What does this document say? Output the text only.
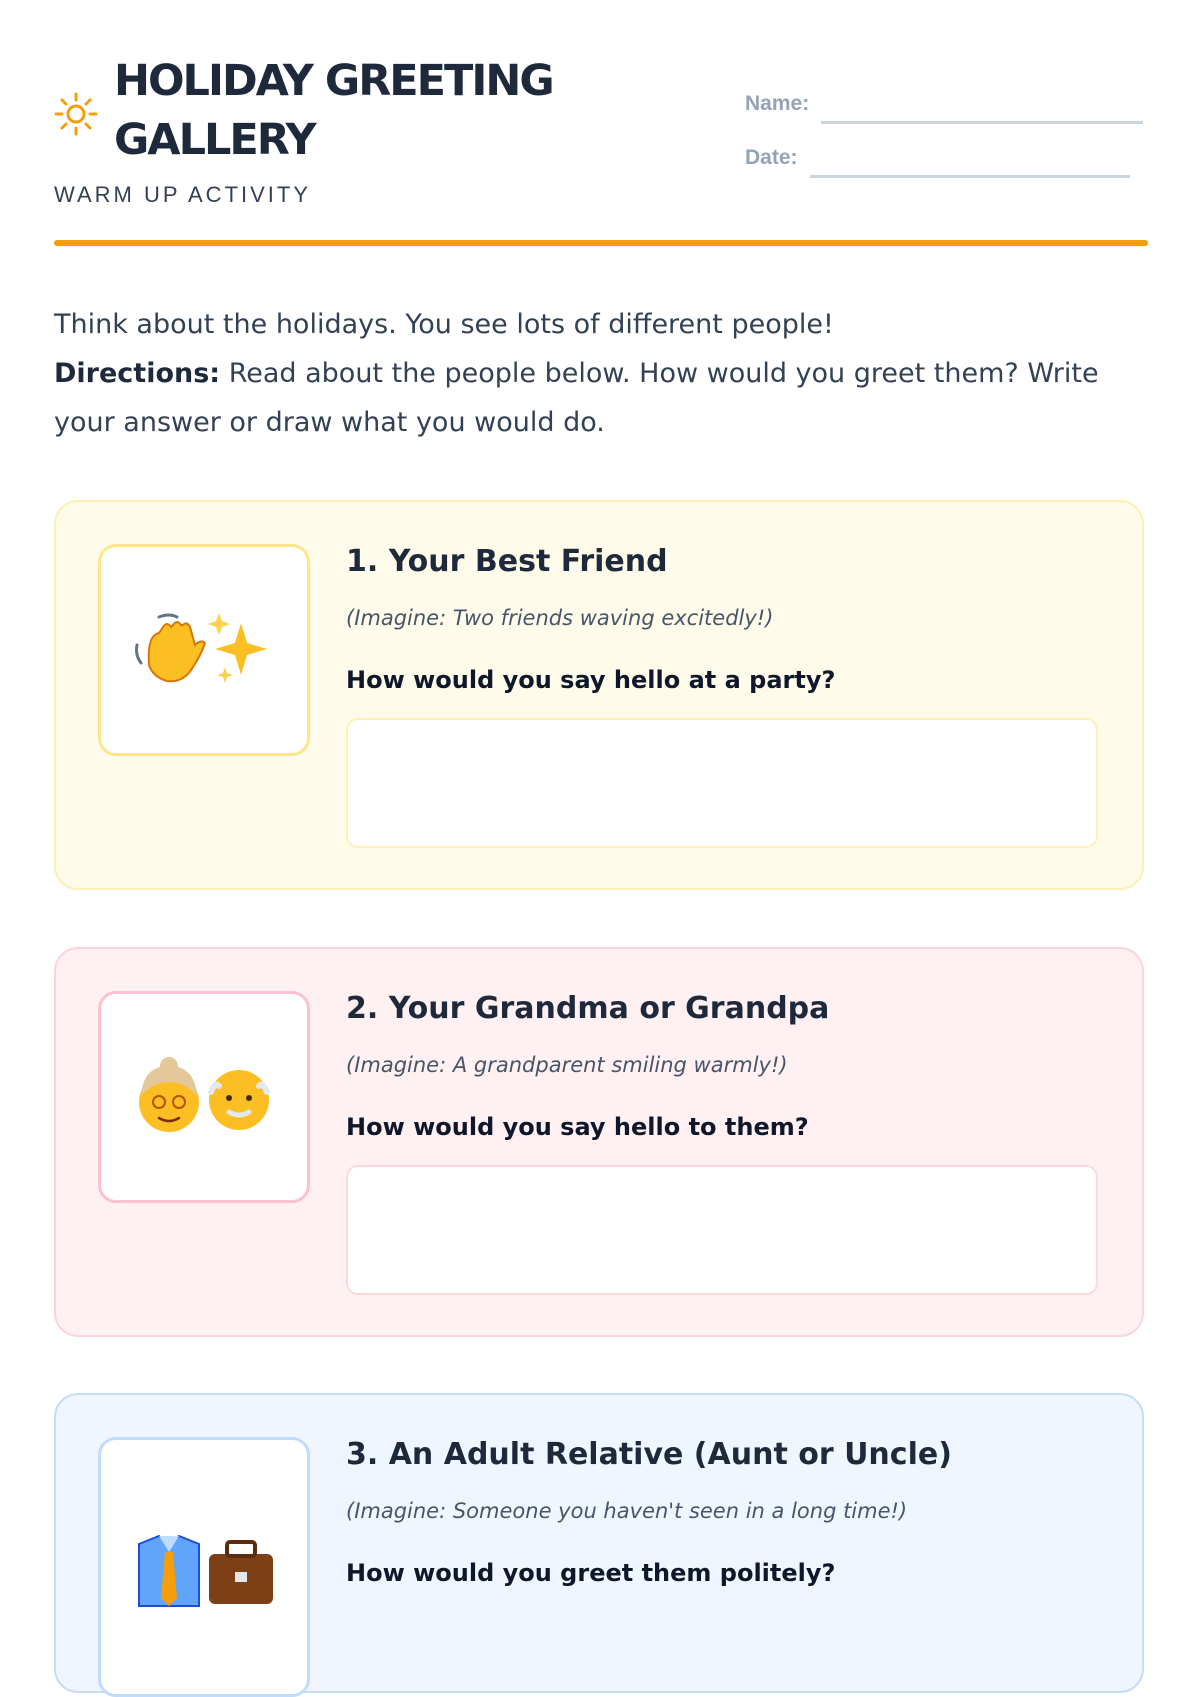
HOLIDAY GREETING
GALLERY
WARM UP ACTIVITY
Name:
Date:

Think about the holidays. You see lots of different people!

Directions: Read about the people below. How would you greet them? Write your answer or draw what you would do.

1. Your Best Friend
(Imagine: Two friends waving excitedly!)
How would you say hello at a party?
2. Your Grandma or Grandpa
(Imagine: A grandparent smiling warmly!)
How would you say hello to them?
3. An Adult Relative (Aunt or Uncle)
(Imagine: Someone you haven't seen in a long time!)
How would you greet them politely?
